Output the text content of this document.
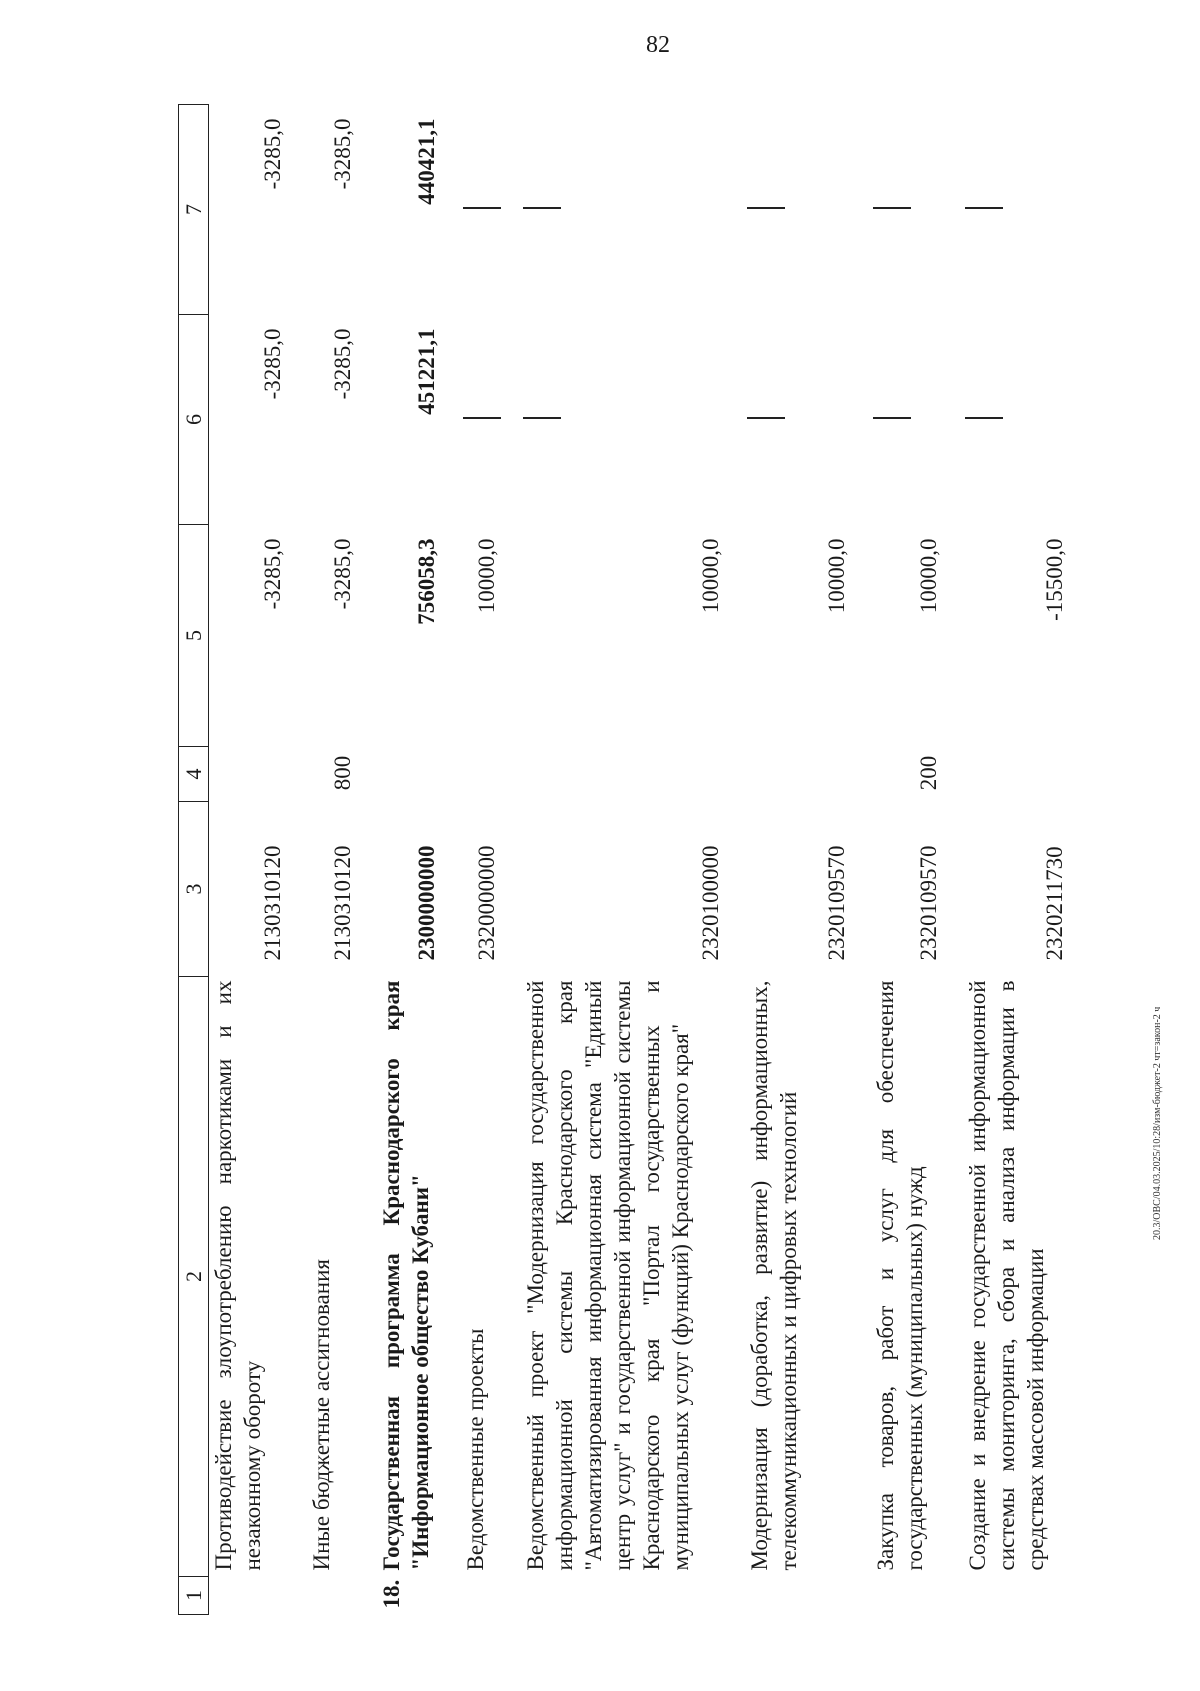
82
1	2	3	4	5	6	7
	Противодействие злоупотреблению наркотиками и их незаконному обороту	2130310120		-3285,0	-3285,0	-3285,0
	Иные бюджетные ассигнования	2130310120	800	-3285,0	-3285,0	-3285,0
18.	Государственная программа Краснодарского края "Информационное общество Кубани"	2300000000		756058,3	451221,1	440421,1
	Ведомственные проекты	2320000000		10000,0		
	Ведомственный проект "Модернизация государственной информационной системы Краснодарского края "Автоматизированная информационная система "Единый центр услуг" и государственной информационной системы Краснодарского края "Портал государственных и муниципальных услуг (функций) Краснодарского края"	2320100000		10000,0		
	Модернизация (доработка, развитие) информационных, телекоммуникационных и цифровых технологий	2320109570		10000,0		
	Закупка товаров, работ и услуг для обеспечения государственных (муниципальных) нужд	2320109570	200	10000,0		
	Создание и внедрение государственной информационной системы мониторинга, сбора и анализа информации в средствах массовой информации	2320211730		-15500,0		
20.3/ОВС/04.03.2025/10:28/изм-бюджет-2 чт=закон-2 ч
